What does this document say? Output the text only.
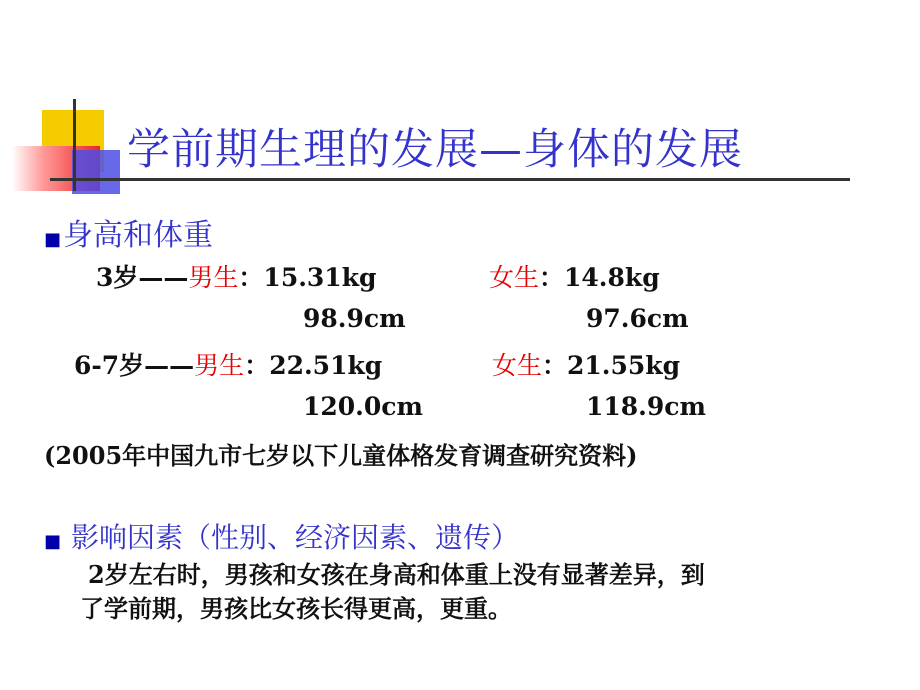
学前期生理的发展—身体的发展
■身高和体重
3岁——男生：15.31kg	女生：14.8kg
98.9cm	97.6cm
6-7岁——男生：22.51kg	女生：21.55kg
120.0cm	118.9cm
(2005年中国九市七岁以下儿童体格发育调查研究资料)
■ 影响因素（性别、经济因素、遗传）
2岁左右时，男孩和女孩在身高和体重上没有显著差异，到
了学前期，男孩比女孩长得更高，更重。
